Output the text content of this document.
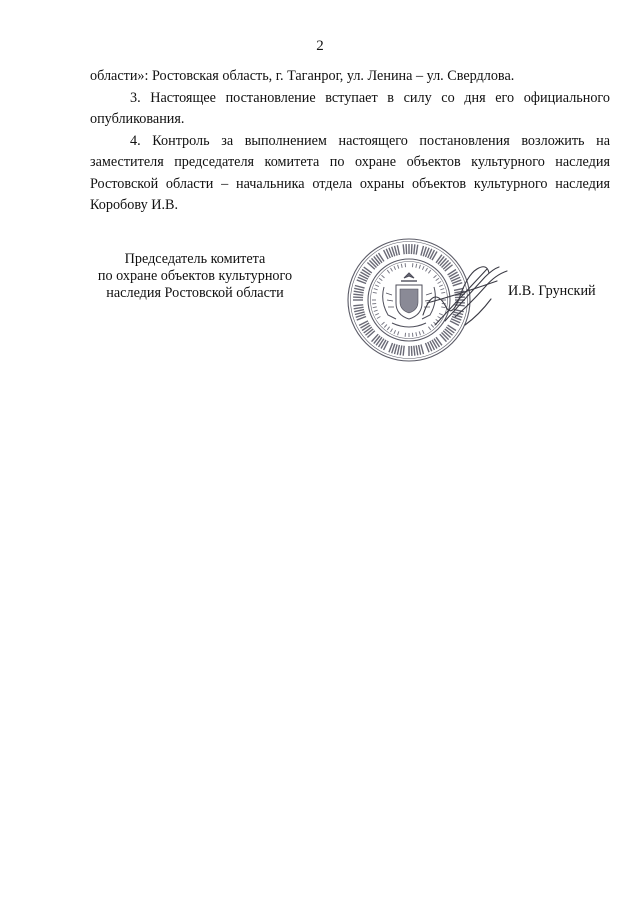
2

области»: Ростовская область, г. Таганрог, ул. Ленина – ул. Свердлова.

3. Настоящее постановление вступает в силу со дня его официального опубликования.

4. Контроль за выполнением настоящего постановления возложить на заместителя председателя комитета по охране объектов культурного наследия Ростовской области – начальника отдела охраны объектов культурного наследия Коробову И.В.

Председатель комитета
по охране объектов культурного
наследия Ростовской области	И.В. Грунский
